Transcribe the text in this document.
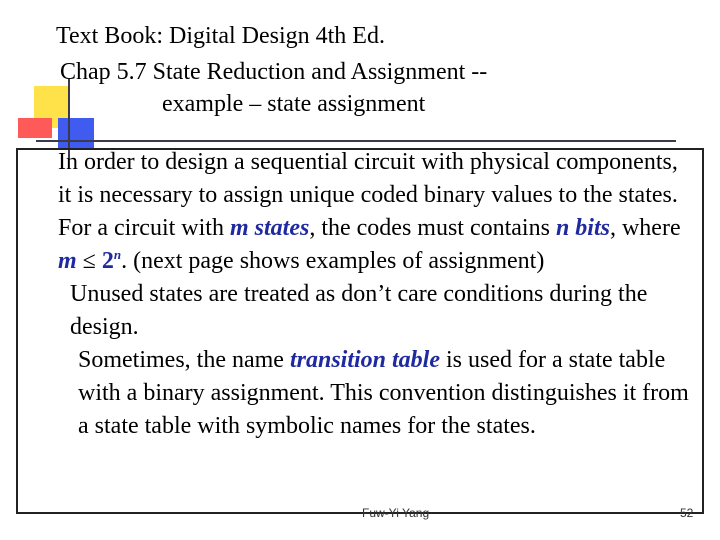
Text Book: Digital Design 4th Ed.
Chap 5.7 State Reduction and Assignment --
example – state assignment

In order to design a sequential circuit with physical components, it is necessary to assign unique coded binary values to the states. For a circuit with m states, the codes must contains n bits, where $m \le 2^n$. (next page shows examples of assignment)

Unused states are treated as don’t care conditions during the design.

Sometimes, the name transition table is used for a state table with a binary assignment. This convention distinguishes it from a state table with symbolic names for the states.

Fuw-Yi Yang	52
